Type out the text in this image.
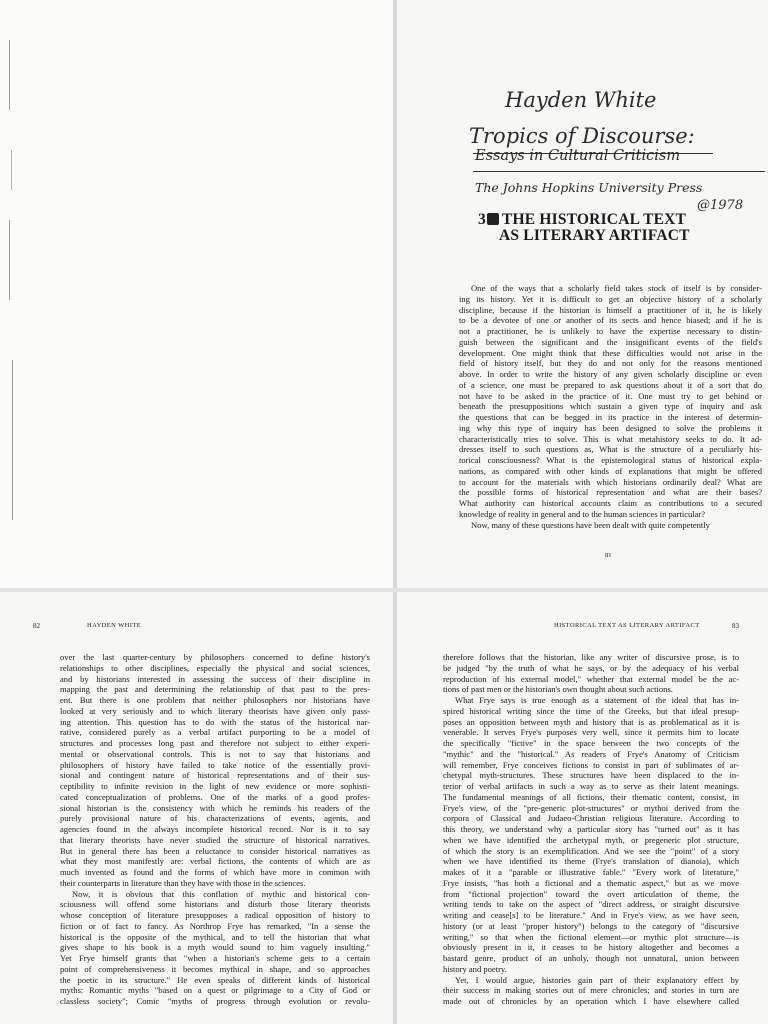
Hayden White
Tropics of Discourse:
Essays in Cultural Criticism
The Johns Hopkins University Press
@1978
3 THE HISTORICAL TEXT
AS LITERARY ARTIFACT
One of the ways that a scholarly field takes stock of itself is by consider-
ing its history. Yet it is difficult to get an objective history of a scholarly
discipline, because if the historian is himself a practitioner of it, he is likely
to be a devotee of one or another of its sects and hence biased; and if he is
not a practitioner, he is unlikely to have the expertise necessary to distin-
guish between the significant and the insignificant events of the field's
development. One might think that these difficulties would not arise in the
field of history itself, but they do and not only for the reasons mentioned
above. In order to write the history of any given scholarly discipline or even
of a science, one must be prepared to ask questions about it of a sort that do
not have to be asked in the practice of it. One must try to get behind or
beneath the presuppositions which sustain a given type of inquiry and ask
the questions that can be begged in its practice in the interest of determin-
ing why this type of inquiry has been designed to solve the problems it
characteristically tries to solve. This is what metahistory seeks to do. It ad-
dresses itself to such questions as, What is the structure of a peculiarly his-
torical consciousness? What is the epistemological status of historical expla-
nations, as compared with other kinds of explanations that might be offered
to account for the materials with which historians ordinarily deal? What are
the possible forms of historical representation and what are their bases?
What authority can historical accounts claim as contributions to a secured
knowledge of reality in general and to the human sciences in particular?
Now, many of these questions have been dealt with quite competently
81
82	HAYDEN WHITE
over the last quarter-century by philosophers concerned to define history's
relationships to other disciplines, especially the physical and social sciences,
and by historians interested in assessing the success of their discipline in
mapping the past and determining the relationship of that past to the pres-
ent. But there is one problem that neither philosophers nor historians have
looked at very seriously and to which literary theorists have given only pass-
ing attention. This question has to do with the status of the historical nar-
rative, considered purely as a verbal artifact purporting to be a model of
structures and processes long past and therefore not subject to either experi-
mental or observational controls. This is not to say that historians and
philosophers of history have failed to take notice of the essentially provi-
sional and contingent nature of historical representations and of their sus-
ceptibility to infinite revision in the light of new evidence or more sophisti-
cated conceptualization of problems. One of the marks of a good profes-
sional historian is the consistency with which he reminds his readers of the
purely provisional nature of his characterizations of events, agents, and
agencies found in the always incomplete historical record. Nor is it to say
that literary theorists have never studied the structure of historical narratives.
But in general there has been a reluctance to consider historical narratives as
what they most manifestly are: verbal fictions, the contents of which are as
much invented as found and the forms of which have more in common with
their counterparts in literature than they have with those in the sciences.
Now, it is obvious that this conflation of mythic and historical con-
sciousness will offend some historians and disturb those literary theorists
whose conception of literature presupposes a radical opposition of history to
fiction or of fact to fancy. As Northrop Frye has remarked, "In a sense the
historical is the opposite of the mythical, and to tell the historian that what
gives shape to his book is a myth would sound to him vaguely insulting."
Yet Frye himself grants that "when a historian's scheme gets to a certain
point of comprehensiveness it becomes mythical in shape, and so approaches
the poetic in its structure." He even speaks of different kinds of historical
myths: Romantic myths "based on a quest or pilgrimage to a City of God or
classless society"; Comic "myths of progress through evolution or revolu-
HISTORICAL TEXT AS LITERARY ARTIFACT	83
therefore follows that the historian, like any writer of discursive prose, is to
be judged "by the truth of what he says, or by the adequacy of his verbal
reproduction of his external model," whether that external model be the ac-
tions of past men or the historian's own thought about such actions.
What Frye says is true enough as a statement of the ideal that has in-
spired historical writing since the time of the Greeks, but that ideal presup-
poses an opposition between myth and history that is as problematical as it is
venerable. It serves Frye's purposes very well, since it permits him to locate
the specifically "fictive" in the space between the two concepts of the
"mythic" and the "historical." As readers of Frye's Anatomy of Criticism
will remember, Frye conceives fictions to consist in part of sublimates of ar-
chetypal myth-structures. These structures have been displaced to the in-
terior of verbal artifacts in such a way as to serve as their latent meanings.
The fundamental meanings of all fictions, their thematic content, consist, in
Frye's view, of the "pre-generic plot-structures" or mythoi derived from the
corpora of Classical and Judaeo-Christian religious literature. According to
this theory, we understand why a particular story has "turned out" as it has
when we have identified the archetypal myth, or pregeneric plot structure,
of which the story is an exemplification. And we see the "point" of a story
when we have identified its theme (Frye's translation of dianoia), which
makes of it a "parable or illustrative fable." "Every work of literature,"
Frye insists, "has both a fictional and a thematic aspect," but as we move
from "fictional projection" toward the overt articulation of theme, the
writing tends to take on the aspect of "direct address, or straight discursive
writing and cease[s] to be literature." And in Frye's view, as we have seen,
history (or at least "proper history") belongs to the category of "discursive
writing," so that when the fictional element—or mythic plot structure—is
obviously present in it, it ceases to be history altogether and becomes a
bastard genre, product of an unholy, though not unnatural, union between
history and poetry.
Yet, I would argue, histories gain part of their explanatory effect by
their success in making stories out of mere chronicles; and stories in turn are
made out of chronicles by an operation which I have elsewhere called
